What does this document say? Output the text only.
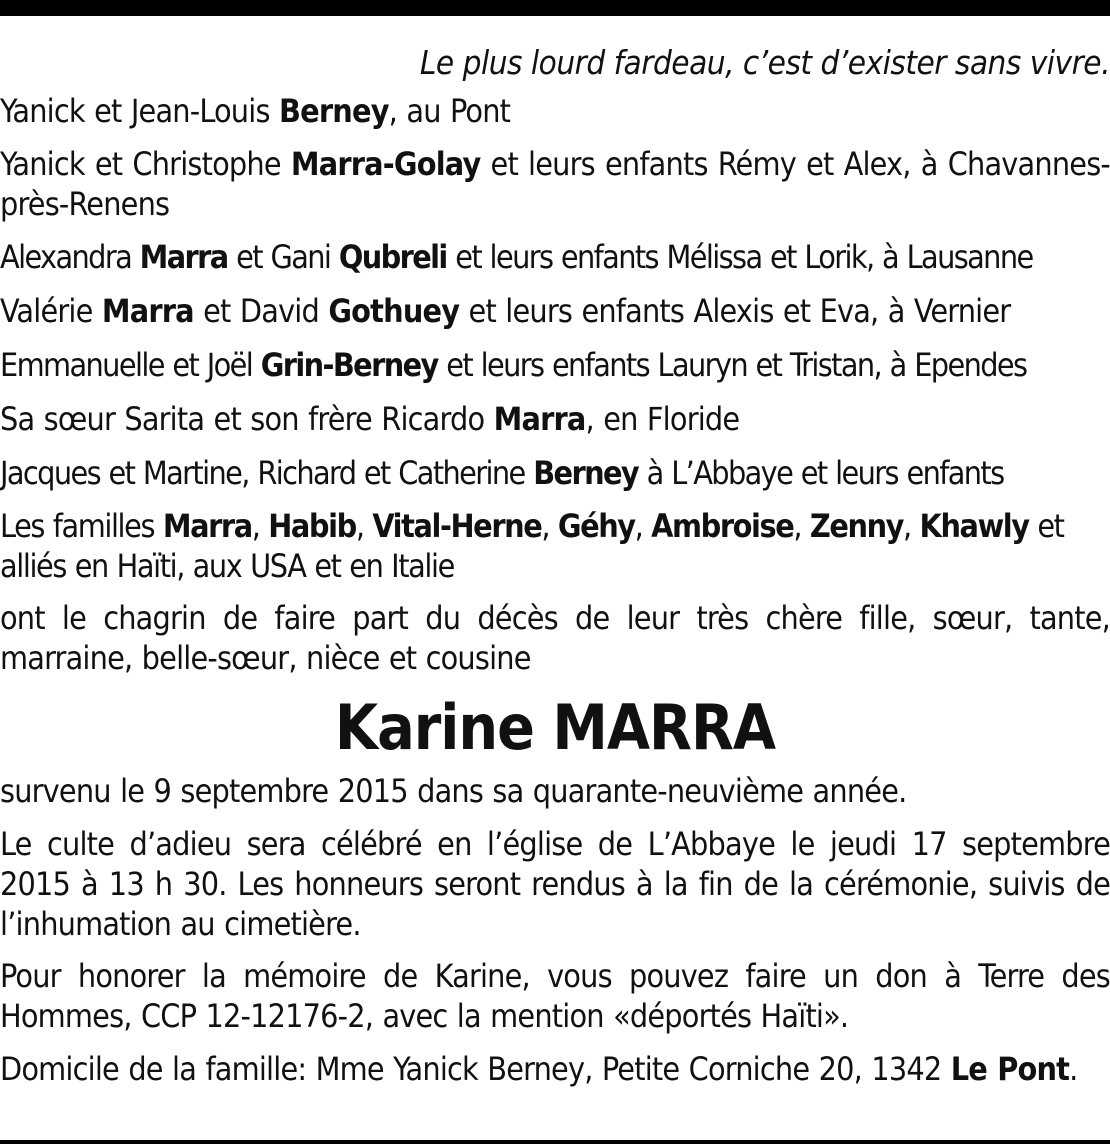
Le plus lourd fardeau, c’est d’exister sans vivre.
Yanick et Jean-Louis Berney, au Pont
Yanick et Christophe Marra-Golay et leurs enfants Rémy et Alex, à Chavannes-près-Renens
Alexandra Marra et Gani Qubreli et leurs enfants Mélissa et Lorik, à Lausanne
Valérie Marra et David Gothuey et leurs enfants Alexis et Eva, à Vernier
Emmanuelle et Joël Grin-Berney et leurs enfants Lauryn et Tristan, à Ependes
Sa sœur Sarita et son frère Ricardo Marra, en Floride
Jacques et Martine, Richard et Catherine Berney à L’Abbaye et leurs enfants
Les familles Marra, Habib, Vital-Herne, Géhy, Ambroise, Zenny, Khawly et alliés en Haïti, aux USA et en Italie
ont le chagrin de faire part du décès de leur très chère fille, sœur, tante, marraine, belle-sœur, nièce et cousine
Karine MARRA
survenu le 9 septembre 2015 dans sa quarante-neuvième année.
Le culte d’adieu sera célébré en l’église de L’Abbaye le jeudi 17 septembre 2015 à 13 h 30. Les honneurs seront rendus à la fin de la cérémonie, suivis de l’inhumation au cimetière.
Pour honorer la mémoire de Karine, vous pouvez faire un don à Terre des Hommes, CCP 12-12176-2, avec la mention «déportés Haïti».
Domicile de la famille: Mme Yanick Berney, Petite Corniche 20, 1342 Le Pont.
